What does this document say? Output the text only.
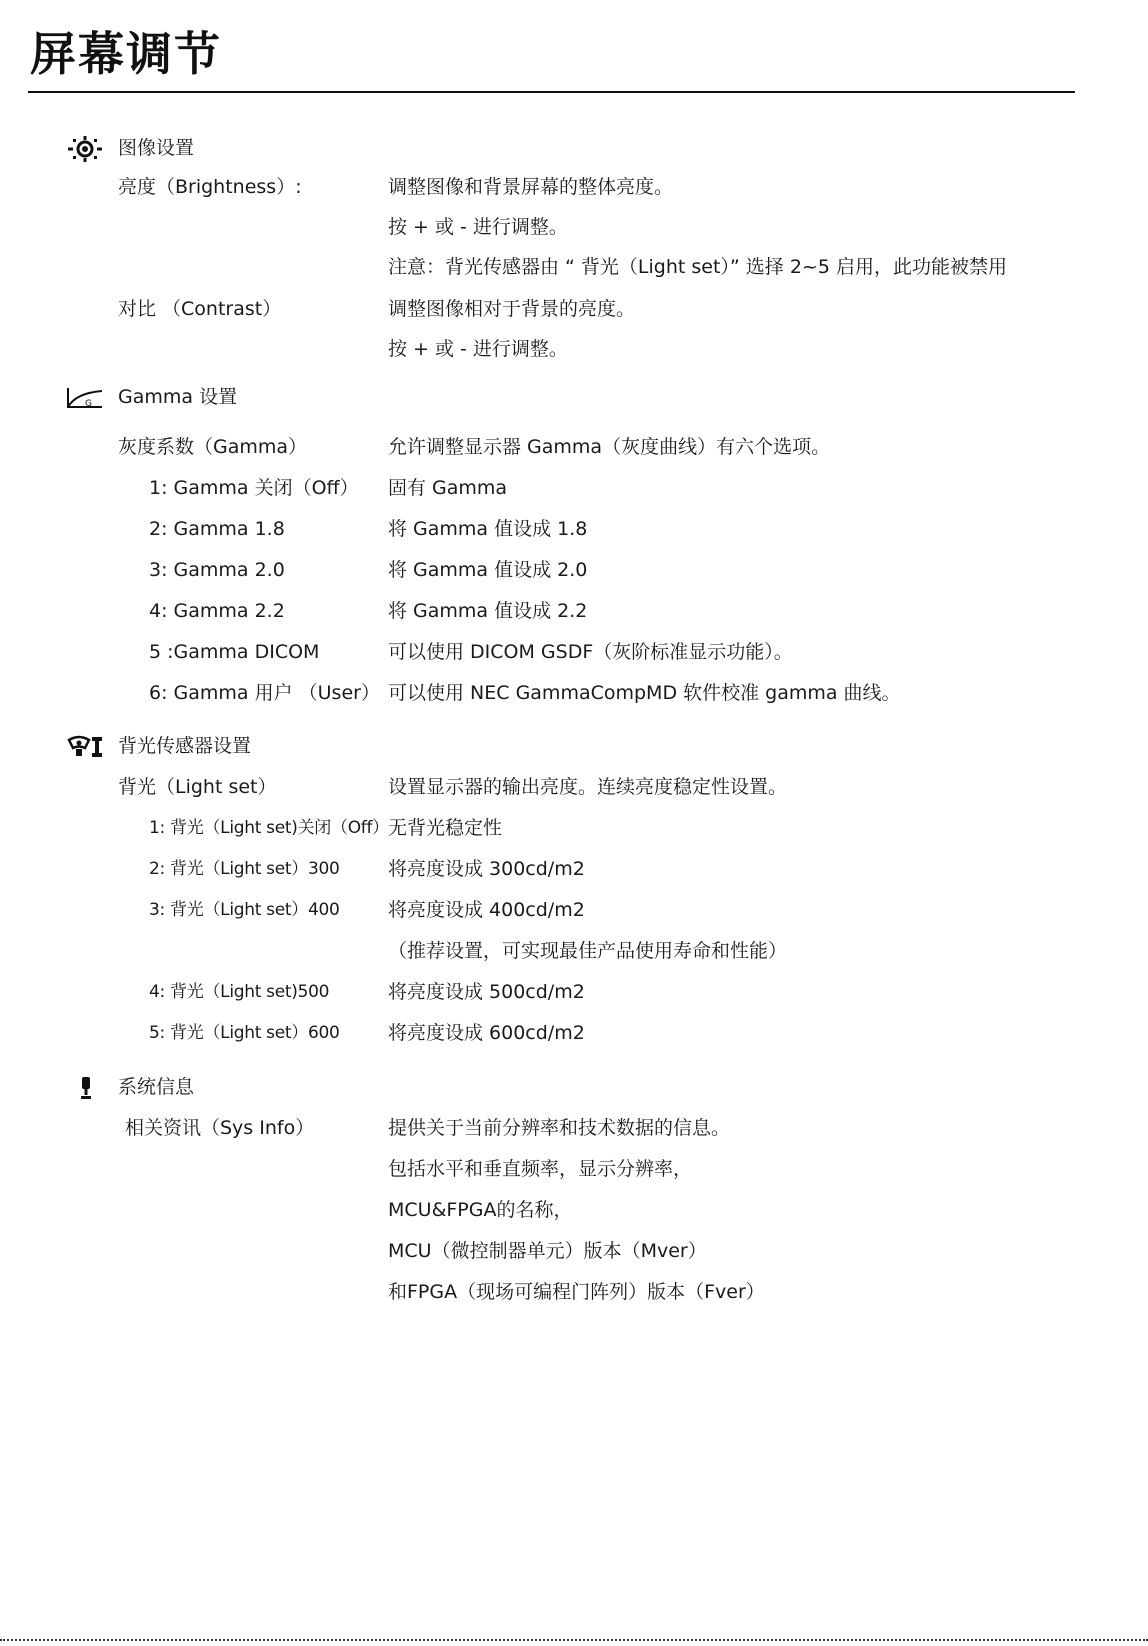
屏幕调节
图像设置
亮度（Brightness）:	调整图像和背景屏幕的整体亮度。
按 + 或 - 进行调整。
注意：背光传感器由 “ 背光（Light set）” 选择 2~5 启用，此功能被禁用
对比 （Contrast）	调整图像相对于背景的亮度。
按 + 或 - 进行调整。
G Gamma 设置
灰度系数（Gamma）	允许调整显示器 Gamma（灰度曲线）有六个选项。
1: Gamma 关闭（Off） 固有 Gamma
2: Gamma 1.8	将 Gamma 值设成 1.8
3: Gamma 2.0	将 Gamma 值设成 2.0
4: Gamma 2.2	将 Gamma 值设成 2.2
5 :Gamma DICOM	可以使用 DICOM GSDF（灰阶标准显示功能）。
6: Gamma 用户 （User） 可以使用 NEC GammaCompMD 软件校准 gamma 曲线。
背光传感器设置
背光（Light set）	设置显示器的输出亮度。连续亮度稳定性设置。
1: 背光（Light set)关闭（Off） 无背光稳定性
2: 背光（Light set）300	将亮度设成 300cd/m2
3: 背光（Light set）400	将亮度设成 400cd/m2
（推荐设置，可实现最佳产品使用寿命和性能）
4: 背光（Light set)500	将亮度设成 500cd/m2
5: 背光（Light set）600	将亮度设成 600cd/m2
系统信息
相关资讯（Sys Info）	提供关于当前分辨率和技术数据的信息。
包括水平和垂直频率，显示分辨率，
MCU&FPGA的名称，
MCU（微控制器单元）版本（Mver）
和FPGA（现场可编程门阵列）版本（Fver）
